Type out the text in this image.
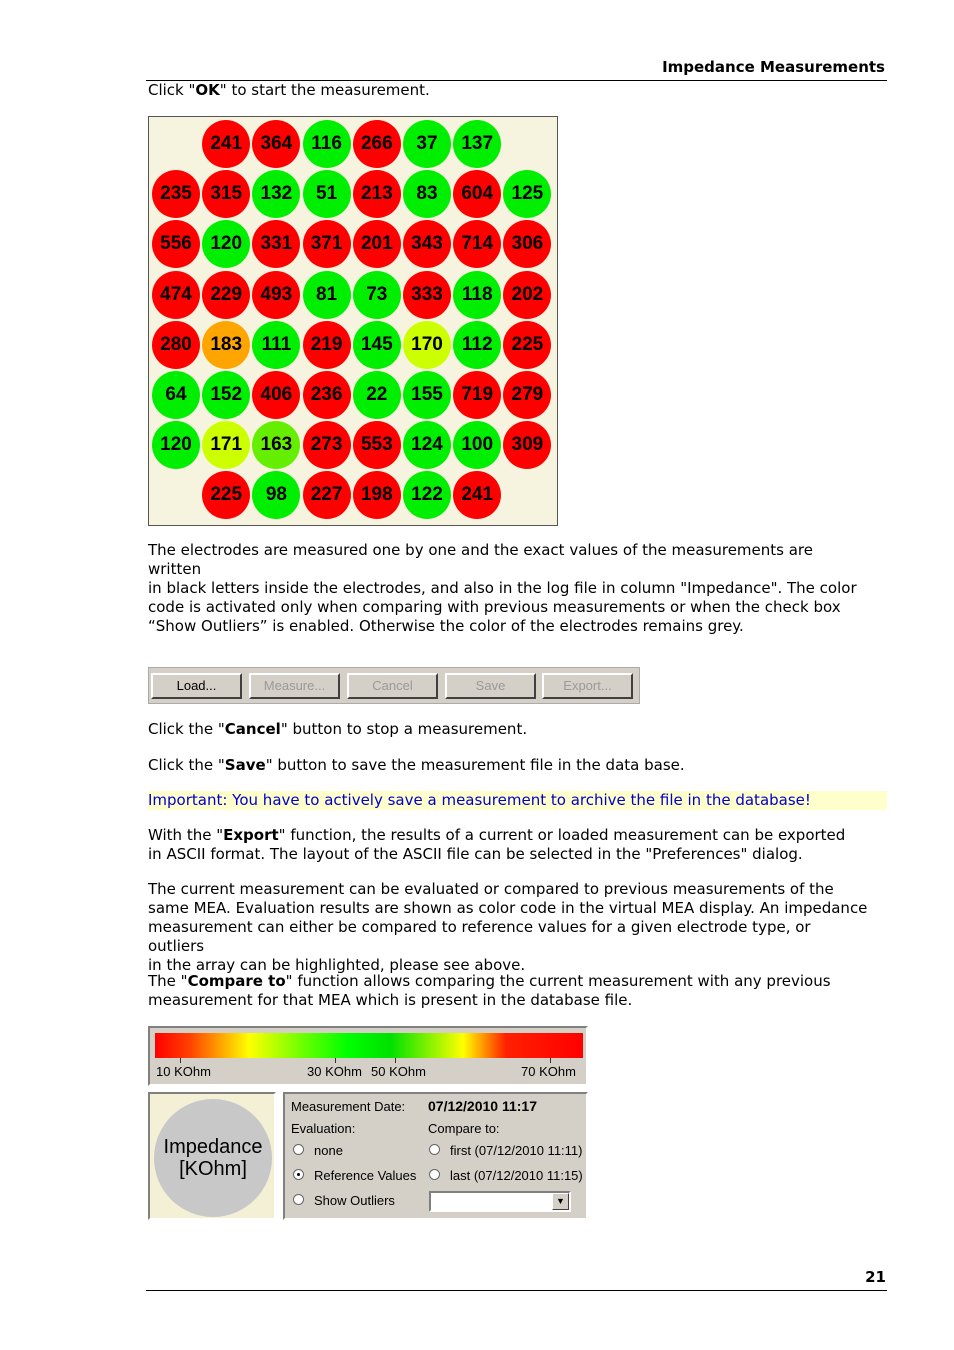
Impedance Measurements
Click "OK" to start the measurement.
241 364	116	266	37	137
235 315 132	51	213	83	604 125
556 120 331 371 201 343 714 306
474 229 493	81	73	333	118	202
280 183	111	219 145 170	112	225
64	152 406 236	22	155 719 279
120 171 163 273 553 124 100 309
225	98	227 198 122 241
The electrodes are measured one by one and the exact values of the measurements are written
in black letters inside the electrodes, and also in the log file in column "Impedance". The color
code is activated only when comparing with previous measurements or when the check box
“Show Outliers” is enabled. Otherwise the color of the electrodes remains grey.
Load...	Measure...	Cancel	Save	Export...
Click the "Cancel" button to stop a measurement.
Click the "Save" button to save the measurement file in the data base.
Important: You have to actively save a measurement to archive the file in the database!
With the "Export" function, the results of a current or loaded measurement can be exported
in ASCII format. The layout of the ASCII file can be selected in the "Preferences" dialog.
The current measurement can be evaluated or compared to previous measurements of the
same MEA. Evaluation results are shown as color code in the virtual MEA display. An impedance
measurement can either be compared to reference values for a given electrode type, or outliers
in the array can be highlighted, please see above.
The "Compare to" function allows comparing the current measurement with any previous
measurement for that MEA which is present in the database file.
10 KOhm	30 KOhm 50 KOhm	70 KOhm
Impedance
[KOhm]
Measurement Date: 07/12/2010 11:17
Evaluation:	Compare to:
none
Reference Values
Show Outliers
first (07/12/2010 11:11)
last (07/12/2010 11:15)
▼
21
